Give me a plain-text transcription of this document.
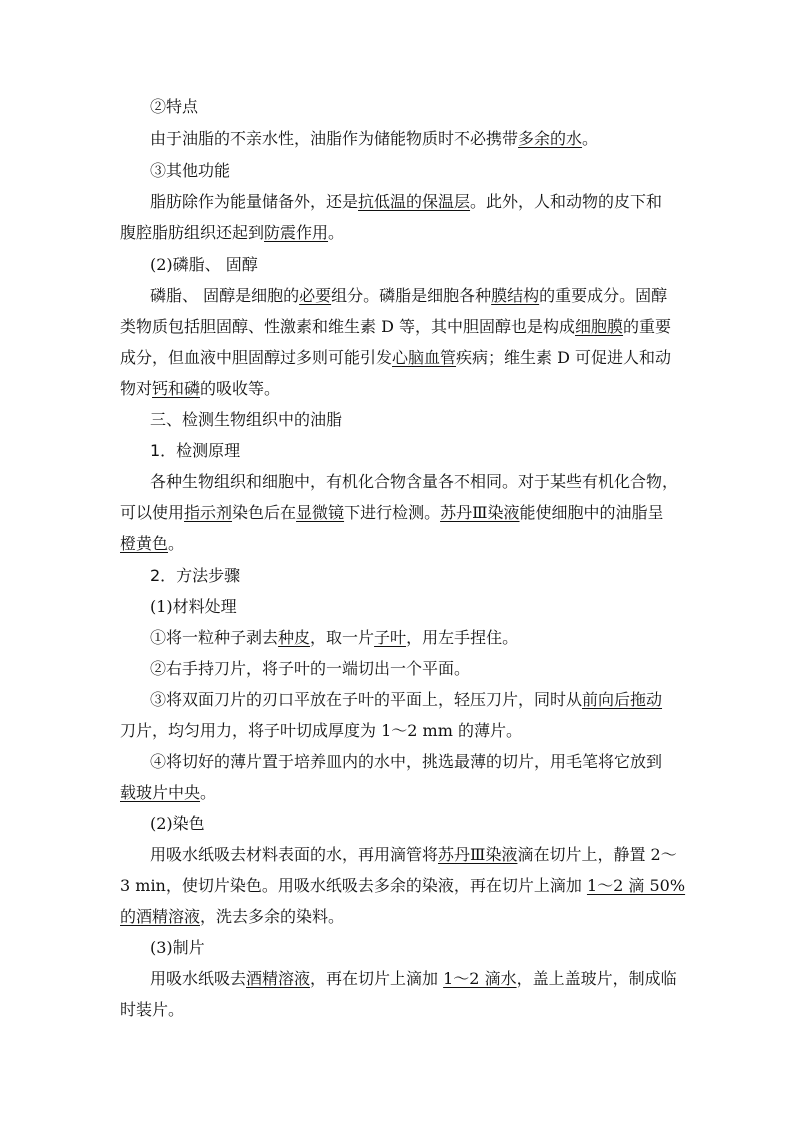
②特点
由于油脂的不亲水性，油脂作为储能物质时不必携带多余的水。
③其他功能
脂肪除作为能量储备外，还是抗低温的保温层。此外，人和动物的皮下和
腹腔脂肪组织还起到防震作用。
(2)磷脂、 固醇
磷脂、 固醇是细胞的必要组分。磷脂是细胞各种膜结构的重要成分。固醇
类物质包括胆固醇、性激素和维生素 D 等，其中胆固醇也是构成细胞膜的重要
成分，但血液中胆固醇过多则可能引发心脑血管疾病；维生素 D 可促进人和动
物对钙和磷的吸收等。
三、检测生物组织中的油脂
1．检测原理
各种生物组织和细胞中，有机化合物含量各不相同。对于某些有机化合物，
可以使用指示剂染色后在显微镜下进行检测。苏丹Ⅲ染液能使细胞中的油脂呈
橙黄色。
2．方法步骤
(1)材料处理
①将一粒种子剥去种皮，取一片子叶，用左手捏住。
②右手持刀片，将子叶的一端切出一个平面。
③将双面刀片的刃口平放在子叶的平面上，轻压刀片，同时从前向后拖动
刀片，均匀用力，将子叶切成厚度为 1～2 mm 的薄片。
④将切好的薄片置于培养皿内的水中，挑选最薄的切片，用毛笔将它放到
载玻片中央。
(2)染色
用吸水纸吸去材料表面的水，再用滴管将苏丹Ⅲ染液滴在切片上，静置 2～
3 min，使切片染色。用吸水纸吸去多余的染液，再在切片上滴加 1～2 滴 50%
的酒精溶液，洗去多余的染料。
(3)制片
用吸水纸吸去酒精溶液，再在切片上滴加 1～2 滴水，盖上盖玻片，制成临
时装片。
